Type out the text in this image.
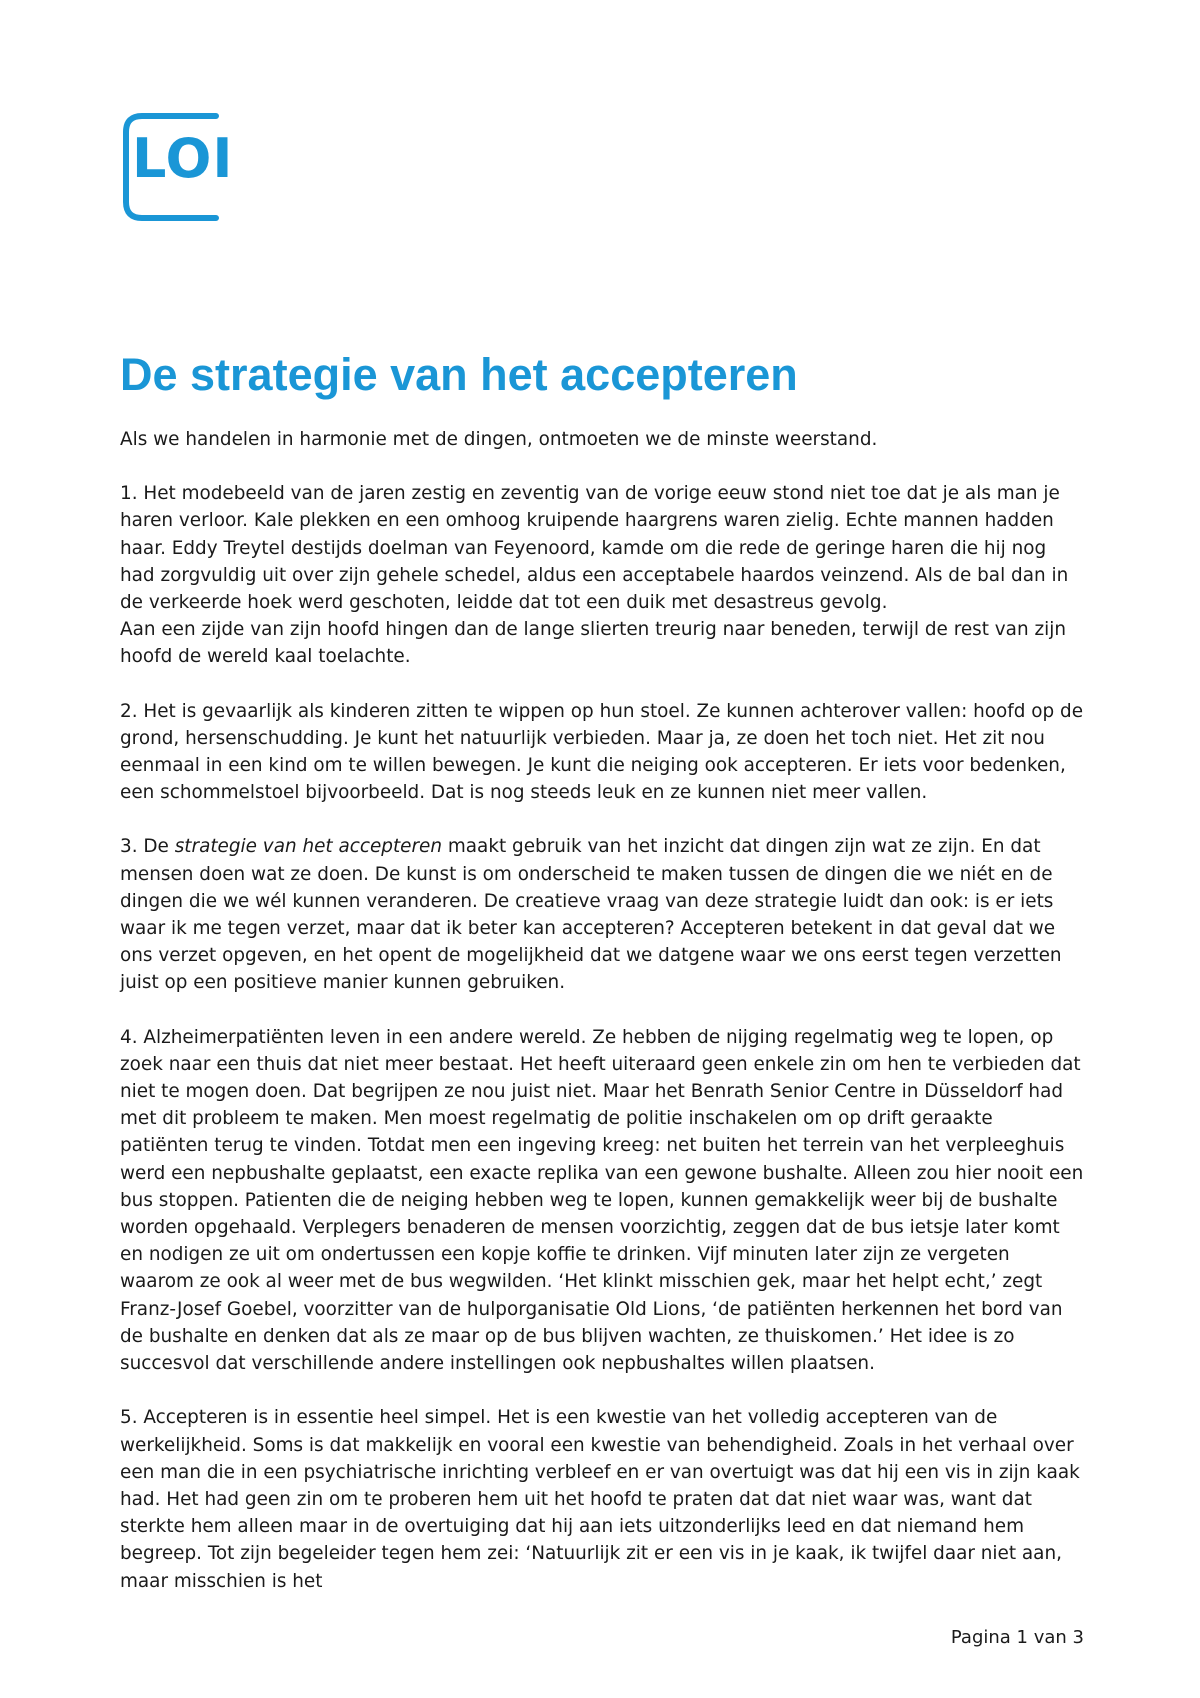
LOI
De strategie van het accepteren

Als we handelen in harmonie met de dingen, ontmoeten we de minste weerstand.

1. Het modebeeld van de jaren zestig en zeventig van de vorige eeuw stond niet toe dat je als man je haren verloor. Kale plekken en een omhoog kruipende haargrens waren zielig. Echte mannen hadden haar. Eddy Treytel destijds doelman van Feyenoord, kamde om die rede de geringe haren die hij nog had zorgvuldig uit over zijn gehele schedel, aldus een acceptabele haardos veinzend. Als de bal dan in de verkeerde hoek werd geschoten, leidde dat tot een duik met desastreus gevolg.
Aan een zijde van zijn hoofd hingen dan de lange slierten treurig naar beneden, terwijl de rest van zijn hoofd de wereld kaal toelachte.

2. Het is gevaarlijk als kinderen zitten te wippen op hun stoel. Ze kunnen achterover vallen: hoofd op de grond, hersenschudding. Je kunt het natuurlijk verbieden. Maar ja, ze doen het toch niet. Het zit nou eenmaal in een kind om te willen bewegen. Je kunt die neiging ook accepteren. Er iets voor bedenken, een schommelstoel bijvoorbeeld. Dat is nog steeds leuk en ze kunnen niet meer vallen.

3. De strategie van het accepteren maakt gebruik van het inzicht dat dingen zijn wat ze zijn. En dat mensen doen wat ze doen. De kunst is om onderscheid te maken tussen de dingen die we niét en de dingen die we wél kunnen veranderen. De creatieve vraag van deze strategie luidt dan ook: is er iets waar ik me tegen verzet, maar dat ik beter kan accepteren? Accepteren betekent in dat geval dat we ons verzet opgeven, en het opent de mogelijkheid dat we datgene waar we ons eerst tegen verzetten juist op een positieve manier kunnen gebruiken.

4. Alzheimerpatiënten leven in een andere wereld. Ze hebben de nijging regelmatig weg te lopen, op zoek naar een thuis dat niet meer bestaat. Het heeft uiteraard geen enkele zin om hen te verbieden dat niet te mogen doen. Dat begrijpen ze nou juist niet. Maar het Benrath Senior Centre in Düsseldorf had met dit probleem te maken. Men moest regelmatig de politie inschakelen om op drift geraakte patiënten terug te vinden. Totdat men een ingeving kreeg: net buiten het terrein van het verpleeghuis werd een nepbushalte geplaatst, een exacte replika van een gewone bushalte. Alleen zou hier nooit een bus stoppen. Patienten die de neiging hebben weg te lopen, kunnen gemakkelijk weer bij de bushalte worden opgehaald. Verplegers benaderen de mensen voorzichtig, zeggen dat de bus ietsje later komt en nodigen ze uit om ondertussen een kopje koffie te drinken. Vijf minuten later zijn ze vergeten waarom ze ook al weer met de bus wegwilden. ‘Het klinkt misschien gek, maar het helpt echt,’ zegt Franz-Josef Goebel, voorzitter van de hulporganisatie Old Lions, ‘de patiënten herkennen het bord van de bushalte en denken dat als ze maar op de bus blijven wachten, ze thuiskomen.’ Het idee is zo succesvol dat verschillende andere instellingen ook nepbushaltes willen plaatsen.

5. Accepteren is in essentie heel simpel. Het is een kwestie van het volledig accepteren van de werkelijkheid. Soms is dat makkelijk en vooral een kwestie van behendigheid. Zoals in het verhaal over een man die in een psychiatrische inrichting verbleef en er van overtuigt was dat hij een vis in zijn kaak had. Het had geen zin om te proberen hem uit het hoofd te praten dat dat niet waar was, want dat sterkte hem alleen maar in de overtuiging dat hij aan iets uitzonderlijks leed en dat niemand hem begreep. Tot zijn begeleider tegen hem zei: ‘Natuurlijk zit er een vis in je kaak, ik twijfel daar niet aan, maar misschien is het

Pagina 1 van 3
